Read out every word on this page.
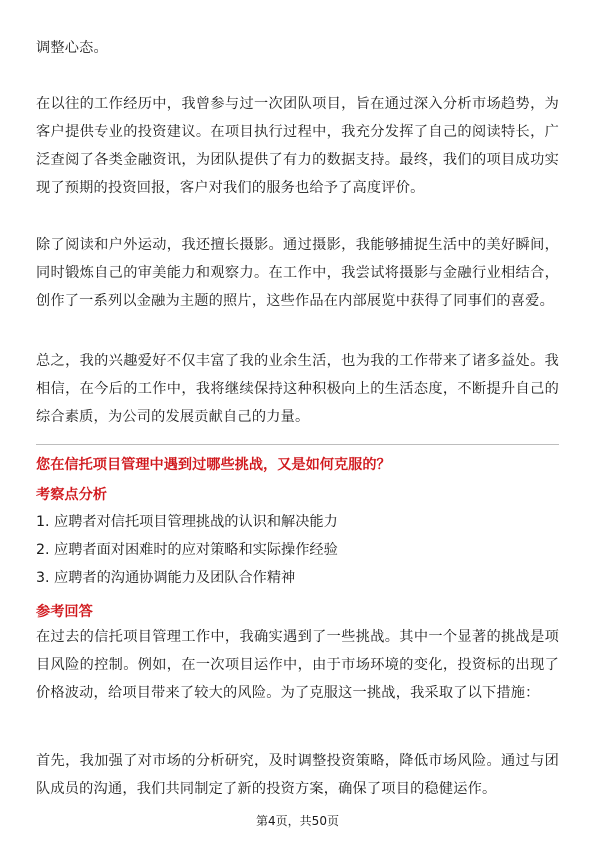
调整心态。

在以往的工作经历中，我曾参与过一次团队项目，旨在通过深入分析市场趋势，为客户提供专业的投资建议。在项目执行过程中，我充分发挥了自己的阅读特长，广泛查阅了各类金融资讯，为团队提供了有力的数据支持。最终，我们的项目成功实现了预期的投资回报，客户对我们的服务也给予了高度评价。

除了阅读和户外运动，我还擅长摄影。通过摄影，我能够捕捉生活中的美好瞬间，同时锻炼自己的审美能力和观察力。在工作中，我尝试将摄影与金融行业相结合，创作了一系列以金融为主题的照片，这些作品在内部展览中获得了同事们的喜爱。

总之，我的兴趣爱好不仅丰富了我的业余生活，也为我的工作带来了诸多益处。我相信，在今后的工作中，我将继续保持这种积极向上的生活态度，不断提升自己的综合素质，为公司的发展贡献自己的力量。

您在信托项目管理中遇到过哪些挑战，又是如何克服的？

考察点分析

1. 应聘者对信托项目管理挑战的认识和解决能力

2. 应聘者面对困难时的应对策略和实际操作经验

3. 应聘者的沟通协调能力及团队合作精神

参考回答

在过去的信托项目管理工作中，我确实遇到了一些挑战。其中一个显著的挑战是项目风险的控制。例如，在一次项目运作中，由于市场环境的变化，投资标的出现了价格波动，给项目带来了较大的风险。为了克服这一挑战，我采取了以下措施：

首先，我加强了对市场的分析研究，及时调整投资策略，降低市场风险。通过与团队成员的沟通，我们共同制定了新的投资方案，确保了项目的稳健运作。

第4页，共50页
